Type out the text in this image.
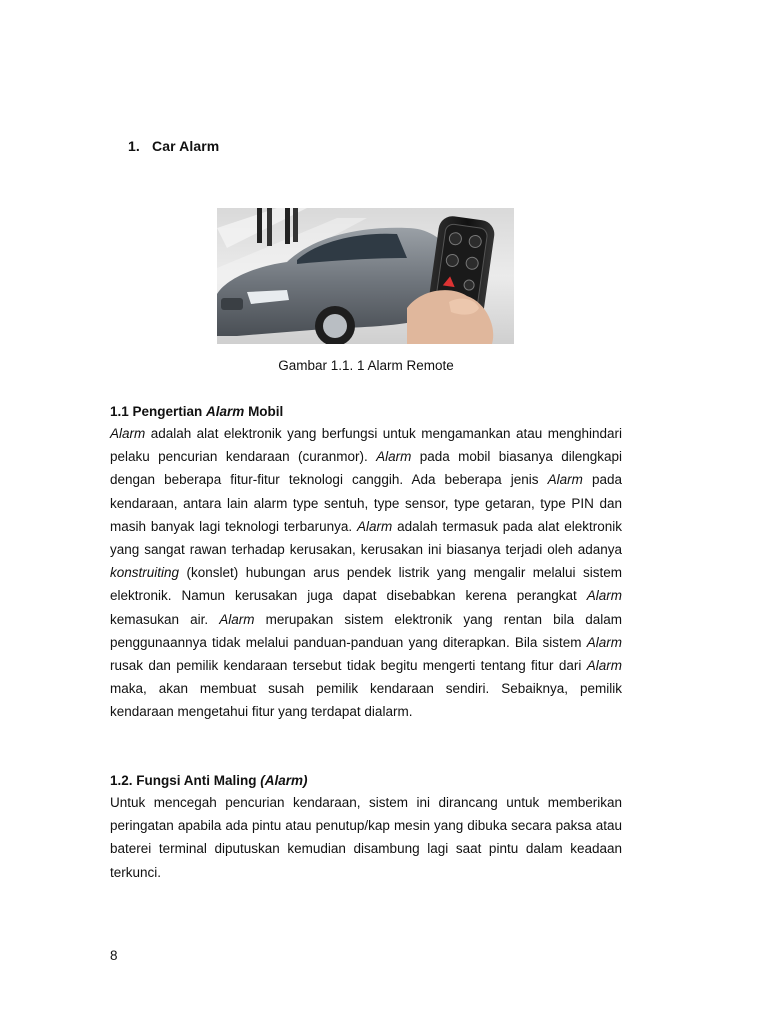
1. Car Alarm
Gambar 1.1. 1 Alarm Remote

1.1 Pengertian Alarm Mobil

Alarm adalah alat elektronik yang berfungsi untuk mengamankan atau menghindari pelaku pencurian kendaraan (curanmor). Alarm pada mobil biasanya dilengkapi dengan beberapa fitur-fitur teknologi canggih. Ada beberapa jenis Alarm pada kendaraan, antara lain alarm type sentuh, type sensor, type getaran, type PIN dan masih banyak lagi teknologi terbarunya. Alarm adalah termasuk pada alat elektronik yang sangat rawan terhadap kerusakan, kerusakan ini biasanya terjadi oleh adanya konstruiting (konslet) hubungan arus pendek listrik yang mengalir melalui sistem elektronik. Namun kerusakan juga dapat disebabkan kerena perangkat Alarm kemasukan air. Alarm merupakan sistem elektronik yang rentan bila dalam penggunaannya tidak melalui panduan-panduan yang diterapkan. Bila sistem Alarm rusak dan pemilik kendaraan tersebut tidak begitu mengerti tentang fitur dari Alarm maka, akan membuat susah pemilik kendaraan sendiri. Sebaiknya, pemilik kendaraan mengetahui fitur yang terdapat dialarm.

1.2. Fungsi Anti Maling (Alarm)

Untuk mencegah pencurian kendaraan, sistem ini dirancang untuk memberikan peringatan apabila ada pintu atau penutup/kap mesin yang dibuka secara paksa atau baterei terminal diputuskan kemudian disambung lagi saat pintu dalam keadaan terkunci.

8
